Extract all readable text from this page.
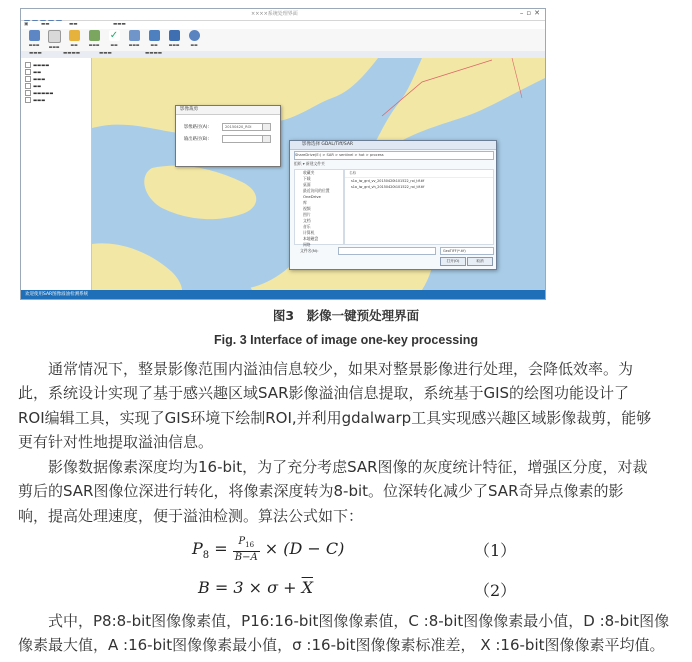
××××系统处理界面	–▫✕
▣	▬▬	▬▬	▬▬▬
▬▬▬	▬▬▬	▬▬	▬▬▬
✓
▬▬	▬▬▬	▬▬	▬▬▬	▬▬
▬▬▬	▬▬▬▬	▬▬▬	▬▬▬▬
▬▬▬▬
▬▬
▬▬▬
▬▬
▬▬▬▬▬
▬▬▬
影像裁剪
影像路径(A):	20150420_ROI
输出路径(B):
影像选择 GDAL/Tiff/SAR
ShareDrive(E:) > SAR > sentinel > hot > process
组织 ▾ 新建文件夹
收藏夹
下载
桌面
最近访问的位置
OneDrive
库
视频
图片
文档
音乐
计算机
本地磁盘
网络
名称
s1a_iw_grd_vv_20150420t101522_roi_tif.tif
s1a_iw_grd_vh_20150420t101522_roi_tif.tif
文件名(N):	GeoTIFF(*.tif)
打开(O)	取消
欢迎使用SAR图像溢油检测系统
图3　影像一键预处理界面
Fig. 3 Interface of image one-key processing
　　通常情况下，整景影像范围内溢油信息较少，如果对整景影像进行处理，会降低效率。为
此，系统设计实现了基于感兴趣区域SAR影像溢油信息提取，系统基于GIS的绘图功能设计了
ROI编辑工具，实现了GIS环境下绘制ROI,并利用gdalwarp工具实现感兴趣区域影像裁剪，能够
更有针对性地提取溢油信息。
　　影像数据像素深度均为16-bit，为了充分考虑SAR图像的灰度统计特征，增强区分度，对裁
剪后的SAR图像位深进行转化，将像素深度转为8-bit。位深转化减少了SAR奇异点像素的影
响，提高处理速度，便于溢油检测。算法公式如下：
$P_8 = \frac{P_{16}}{B-A} \times (D - C)$	（1）
$B = 3 \times \sigma + \overline{X}$	（2）
　　式中，P8:8-bit图像像素值，P16:16-bit图像像素值，C :8-bit图像像素最小值，D :8-bit图像
像素最大值，A :16-bit图像像素最小值，σ :16-bit图像像素标准差， X :16-bit图像像素平均值。
